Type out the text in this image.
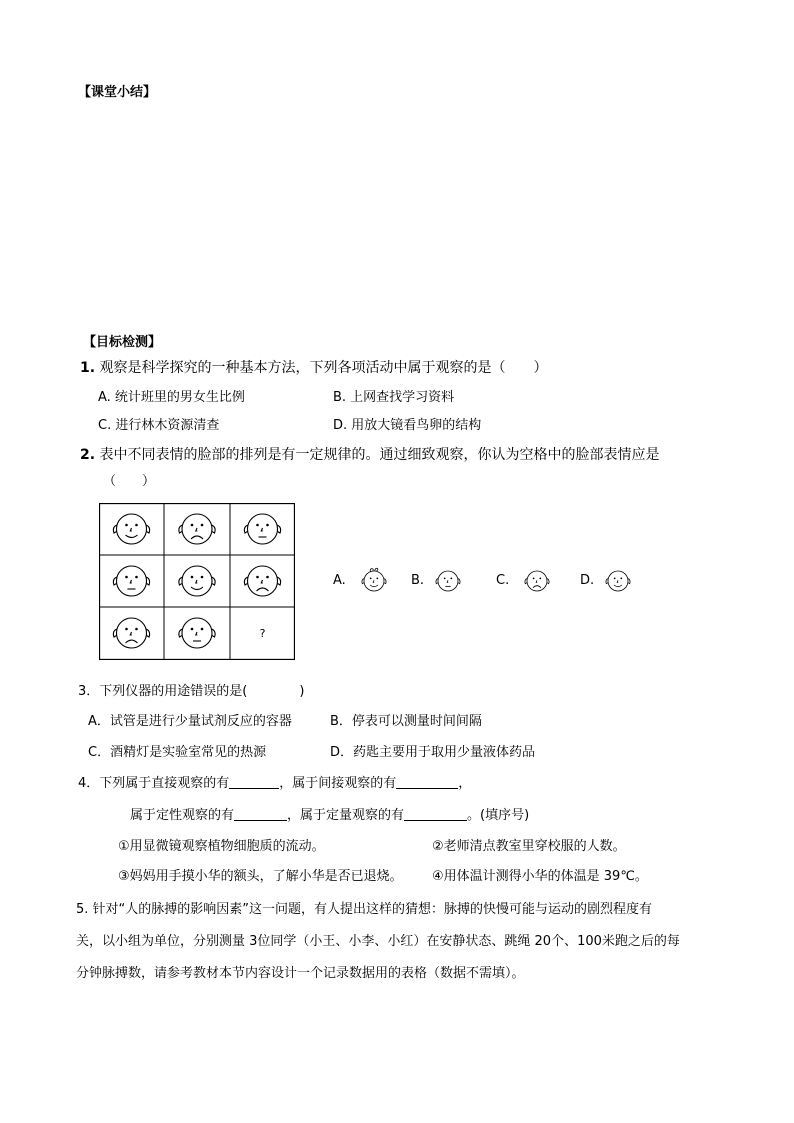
【课堂小结】
【目标检测】
1. 观察是科学探究的一种基本方法，下列各项活动中属于观察的是（　　）
A. 统计班里的男女生比例	B. 上网查找学习资料
C. 进行林木资源清查	D. 用放大镜看鸟卵的结构
2. 表中不同表情的脸部的排列是有一定规律的。通过细致观察，你认为空格中的脸部表情应是
（　　）
?
A.	B.	C.	D.
3．下列仪器的用途错误的是(　　　　)
A．试管是进行少量试剂反应的容器	B．停表可以测量时间间隔
C．酒精灯是实验室常见的热源	D．药匙主要用于取用少量液体药品
4．下列属于直接观察的有	，属于间接观察的有	，
属于定性观察的有	，属于定量观察的有	。(填序号)
①用显微镜观察植物细胞质的流动。	②老师清点教室里穿校服的人数。
③妈妈用手摸小华的额头，了解小华是否已退烧。 ④用体温计测得小华的体温是 39℃。
5. 针对“人的脉搏的影响因素”这一问题，有人提出这样的猜想：脉搏的快慢可能与运动的剧烈程度有
关，以小组为单位，分别测量 3位同学（小王、小李、小红）在安静状态、跳绳 20个、100米跑之后的每
分钟脉搏数，请参考教材本节内容设计一个记录数据用的表格（数据不需填）。
